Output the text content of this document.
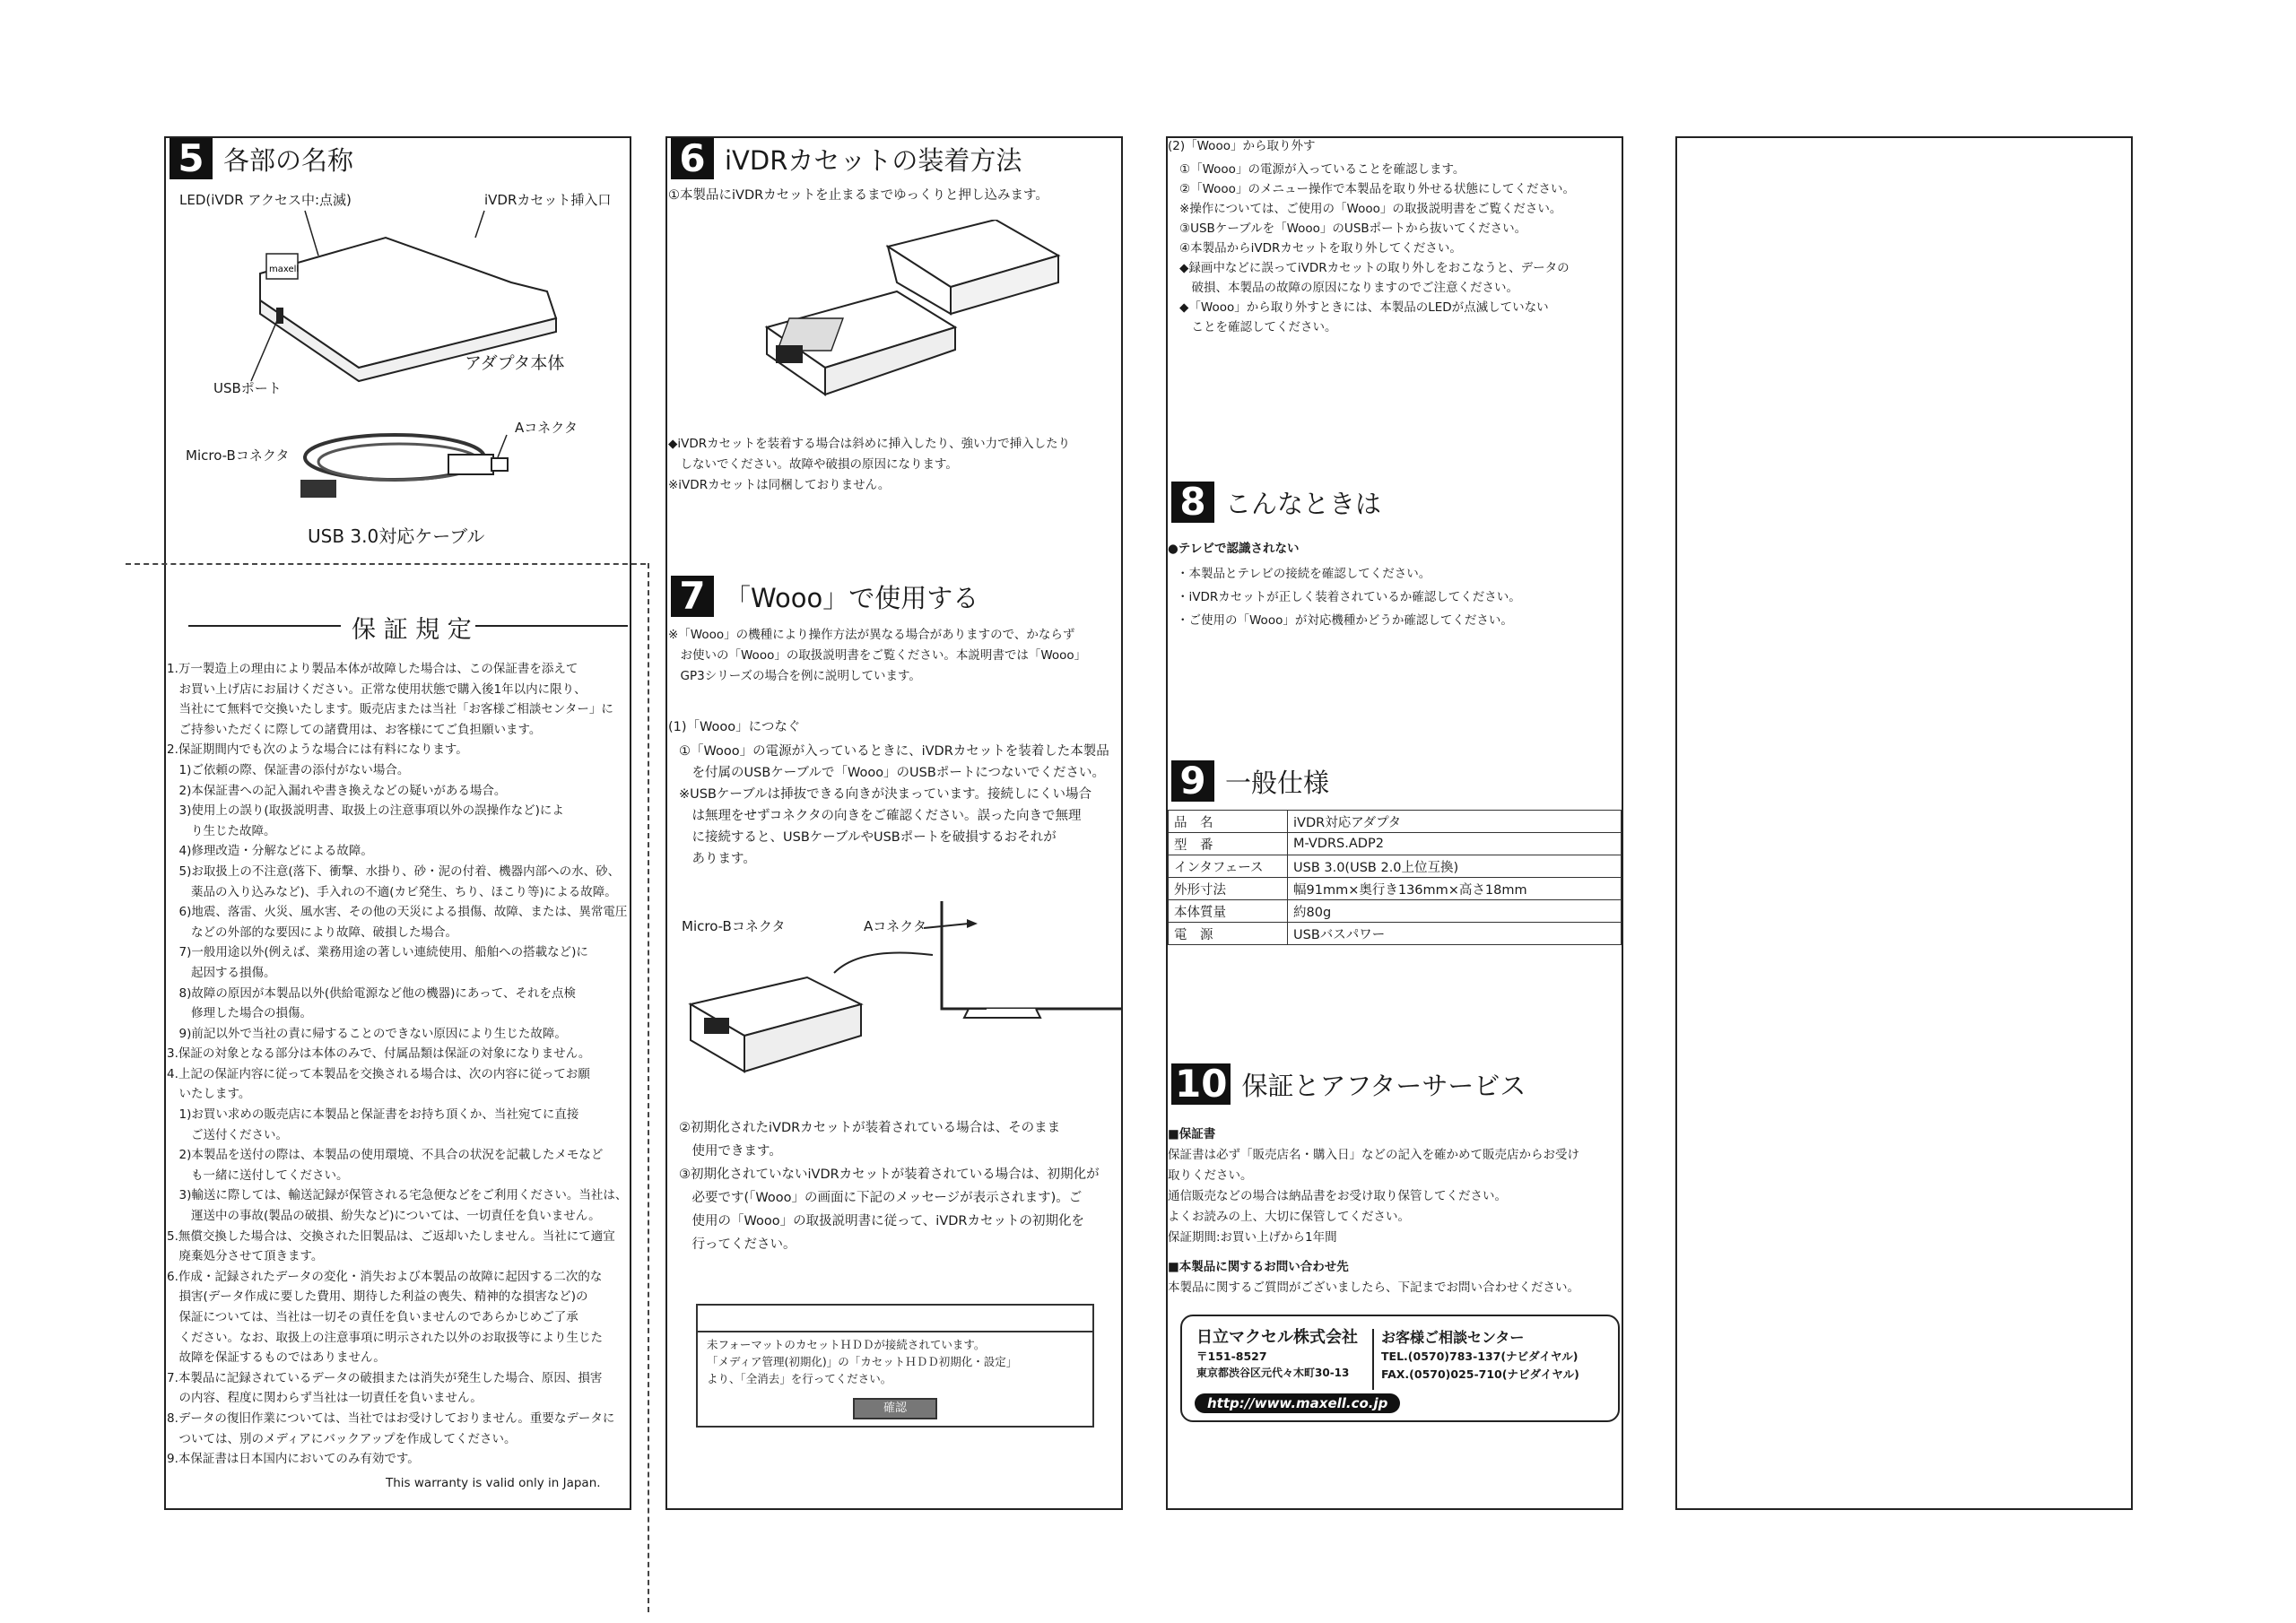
5 各部の名称
LED(iVDR アクセス中:点滅)	iVDRカセット挿入口
maxell
USBポート
アダプタ本体
Aコネクタ
Micro-Bコネクタ
USB 3.0対応ケーブル
保 証 規 定
1.万一製造上の理由により製品本体が故障した場合は、この保証書を添えて
　お買い上げ店にお届けください。正常な使用状態で購入後1年以内に限り、
　当社にて無料で交換いたします。販売店または当社「お客様ご相談センター」に
　ご持参いただくに際しての諸費用は、お客様にてご負担願います。
2.保証期間内でも次のような場合には有料になります。
　1)ご依頼の際、保証書の添付がない場合。
　2)本保証書への記入漏れや書き換えなどの疑いがある場合。
　3)使用上の誤り(取扱説明書、取扱上の注意事項以外の誤操作など)によ
　　り生じた故障。
　4)修理改造・分解などによる故障。
　5)お取扱上の不注意(落下、衝撃、水掛り、砂・泥の付着、機器内部への水、砂、
　　薬品の入り込みなど)、手入れの不適(カビ発生、ちり、ほこり等)による故障。
　6)地震、落雷、火災、風水害、その他の天災による損傷、故障、または、異常電圧
　　などの外部的な要因により故障、破損した場合。
　7)一般用途以外(例えば、業務用途の著しい連続使用、船舶への搭載など)に
　　起因する損傷。
　8)故障の原因が本製品以外(供給電源など他の機器)にあって、それを点検
　　修理した場合の損傷。
　9)前記以外で当社の責に帰することのできない原因により生じた故障。
3.保証の対象となる部分は本体のみで、付属品類は保証の対象になりません。
4.上記の保証内容に従って本製品を交換される場合は、次の内容に従ってお願
　いたします。
　1)お買い求めの販売店に本製品と保証書をお持ち頂くか、当社宛てに直接
　　ご送付ください。
　2)本製品を送付の際は、本製品の使用環境、不具合の状況を記載したメモなど
　　も一緒に送付してください。
　3)輸送に際しては、輸送記録が保管される宅急便などをご利用ください。当社は、
　　運送中の事故(製品の破損、紛失など)については、一切責任を負いません。
5.無償交換した場合は、交換された旧製品は、ご返却いたしません。当社にて適宜
　廃棄処分させて頂きます。
6.作成・記録されたデータの変化・消失および本製品の故障に起因する二次的な
　損害(データ作成に要した費用、期待した利益の喪失、精神的な損害など)の
　保証については、当社は一切その責任を負いませんのであらかじめご了承
　ください。なお、取扱上の注意事項に明示された以外のお取扱等により生じた
　故障を保証するものではありません。
7.本製品に記録されているデータの破損または消失が発生した場合、原因、損害
　の内容、程度に関わらず当社は一切責任を負いません。
8.データの復旧作業については、当社ではお受けしておりません。重要なデータに
　ついては、別のメディアにバックアップを作成してください。
9.本保証書は日本国内においてのみ有効です。
This warranty is valid only in Japan.
6 iVDRカセットの装着方法
①本製品にiVDRカセットを止まるまでゆっくりと押し込みます。
◆iVDRカセットを装着する場合は斜めに挿入したり、強い力で挿入したり
　しないでください。故障や破損の原因になります。
※iVDRカセットは同梱しておりません。
7 「Wooo」で使用する
※「Wooo」の機種により操作方法が異なる場合がありますので、かならず
　お使いの「Wooo」の取扱説明書をご覧ください。本説明書では「Wooo」
　GP3シリーズの場合を例に説明しています。
(1)「Wooo」につなぐ
①「Wooo」の電源が入っているときに、iVDRカセットを装着した本製品
　を付属のUSBケーブルで「Wooo」のUSBポートにつないでください。
※USBケーブルは挿抜できる向きが決まっています。接続しにくい場合
　は無理をせずコネクタの向きをご確認ください。誤った向きで無理
　に接続すると、USBケーブルやUSBポートを破損するおそれが
　あります。
Micro-Bコネクタ	Aコネクタ
②初期化されたiVDRカセットが装着されている場合は、そのまま
　使用できます。
③初期化されていないiVDRカセットが装着されている場合は、初期化が
　必要です(「Wooo」の画面に下記のメッセージが表示されます)。ご
　使用の「Wooo」の取扱説明書に従って、iVDRカセットの初期化を
　行ってください。
未フォーマットのカセットＨＤＤが接続されています。
「メディア管理(初期化)」の「カセットＨＤＤ初期化・設定」
より、「全消去」を行ってください。
確認
(2)「Wooo」から取り外す
①「Wooo」の電源が入っていることを確認します。
②「Wooo」のメニュー操作で本製品を取り外せる状態にしてください。
※操作については、ご使用の「Wooo」の取扱説明書をご覧ください。
③USBケーブルを「Wooo」のUSBポートから抜いてください。
④本製品からiVDRカセットを取り外してください。
◆録画中などに誤ってiVDRカセットの取り外しをおこなうと、データの
　破損、本製品の故障の原因になりますのでご注意ください。
◆「Wooo」から取り外すときには、本製品のLEDが点滅していない
　ことを確認してください。
8 こんなときは
●テレビで認識されない
・本製品とテレビの接続を確認してください。
・iVDRカセットが正しく装着されているか確認してください。
・ご使用の「Wooo」が対応機種かどうか確認してください。
9 一般仕様
品　名	iVDR対応アダプタ
型　番	M-VDRS.ADP2
インタフェース	USB 3.0(USB 2.0上位互換)
外形寸法	幅91mm×奥行き136mm×高さ18mm
本体質量	約80g
電　源	USBバスパワー
10 保証とアフターサービス
■保証書
保証書は必ず「販売店名・購入日」などの記入を確かめて販売店からお受け
取りください。
通信販売などの場合は納品書をお受け取り保管してください。
よくお読みの上、大切に保管してください。
保証期間:お買い上げから1年間
■本製品に関するお問い合わせ先
本製品に関するご質問がございましたら、下記までお問い合わせください。
日立マクセル株式会社
〒151-8527
東京都渋谷区元代々木町30-13
お客様ご相談センター
TEL.(0570)783-137(ナビダイヤル)
FAX.(0570)025-710(ナビダイヤル)
http://www.maxell.co.jp
